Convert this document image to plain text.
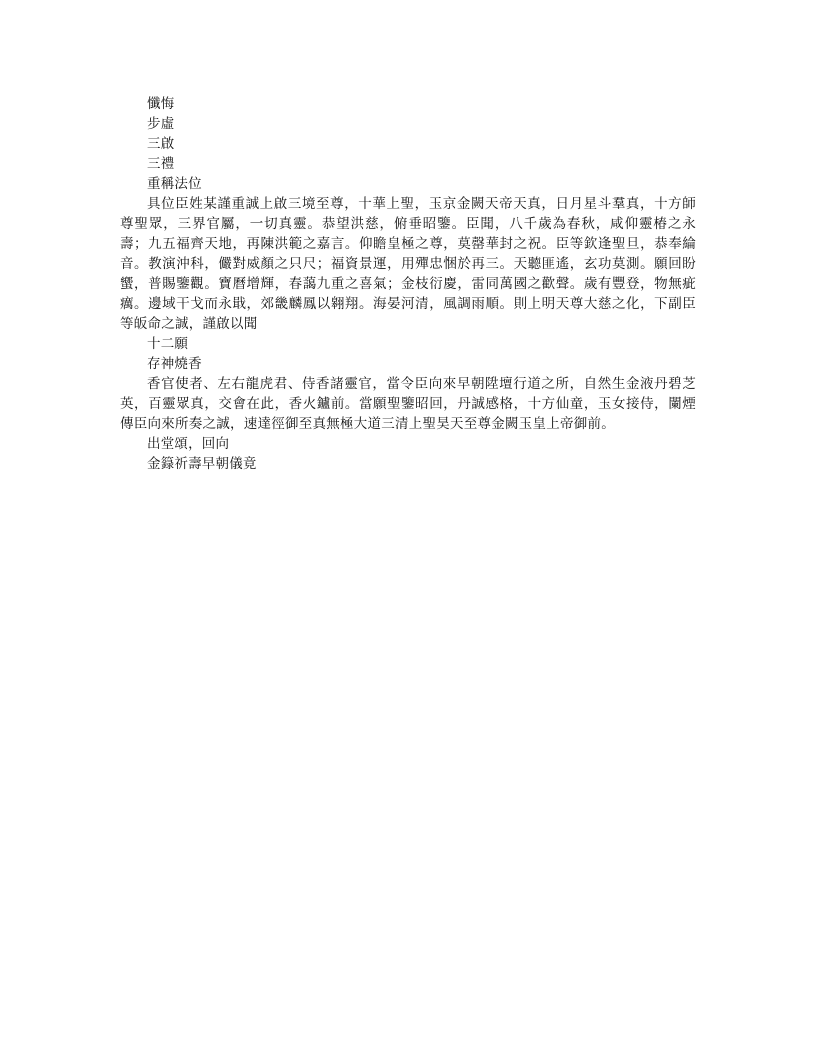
懺悔
步虛
三啟
三禮
重稱法位
具位臣姓某謹重誠上啟三境至尊，十華上聖，玉京金闕天帝天真，日月星斗羣真，十方師尊聖眾，三界官屬，一切真靈。恭望洪慈，俯垂昭鑒。臣聞，八千歲為春秋，咸仰靈椿之永壽；九五福齊天地，再陳洪範之嘉言。仰瞻皇極之尊，莫罄華封之祝。臣等欽逢聖旦，恭奉綸音。教演沖科，儼對威顏之只尺；福資景運，用殫忠悃於再三。天聽匪遙，玄功莫測。願回盼蠁，普賜鑒觀。寶曆增輝，春藹九重之喜氣；金枝衍慶，雷同萬國之歡聲。歲有豐登，物無疵癘。邊域干戈而永戢，郊畿麟鳳以翱翔。海晏河清，風調雨順。則上明天尊大慈之化，下副臣等皈命之誠，謹啟以聞
十二願
存神燒香
香官使者、左右龍虎君、侍香諸靈官，當令臣向來早朝陞壇行道之所，自然生金液丹碧芝英，百靈眾真，交會在此，香火鑪前。當願聖鑒昭回，丹誠感格，十方仙童，玉女接侍，闌煙傳臣向來所奏之誠，速達徑御至真無極大道三清上聖昊天至尊金闕玉皇上帝御前。
出堂頌，回向
金籙祈壽早朝儀竟
